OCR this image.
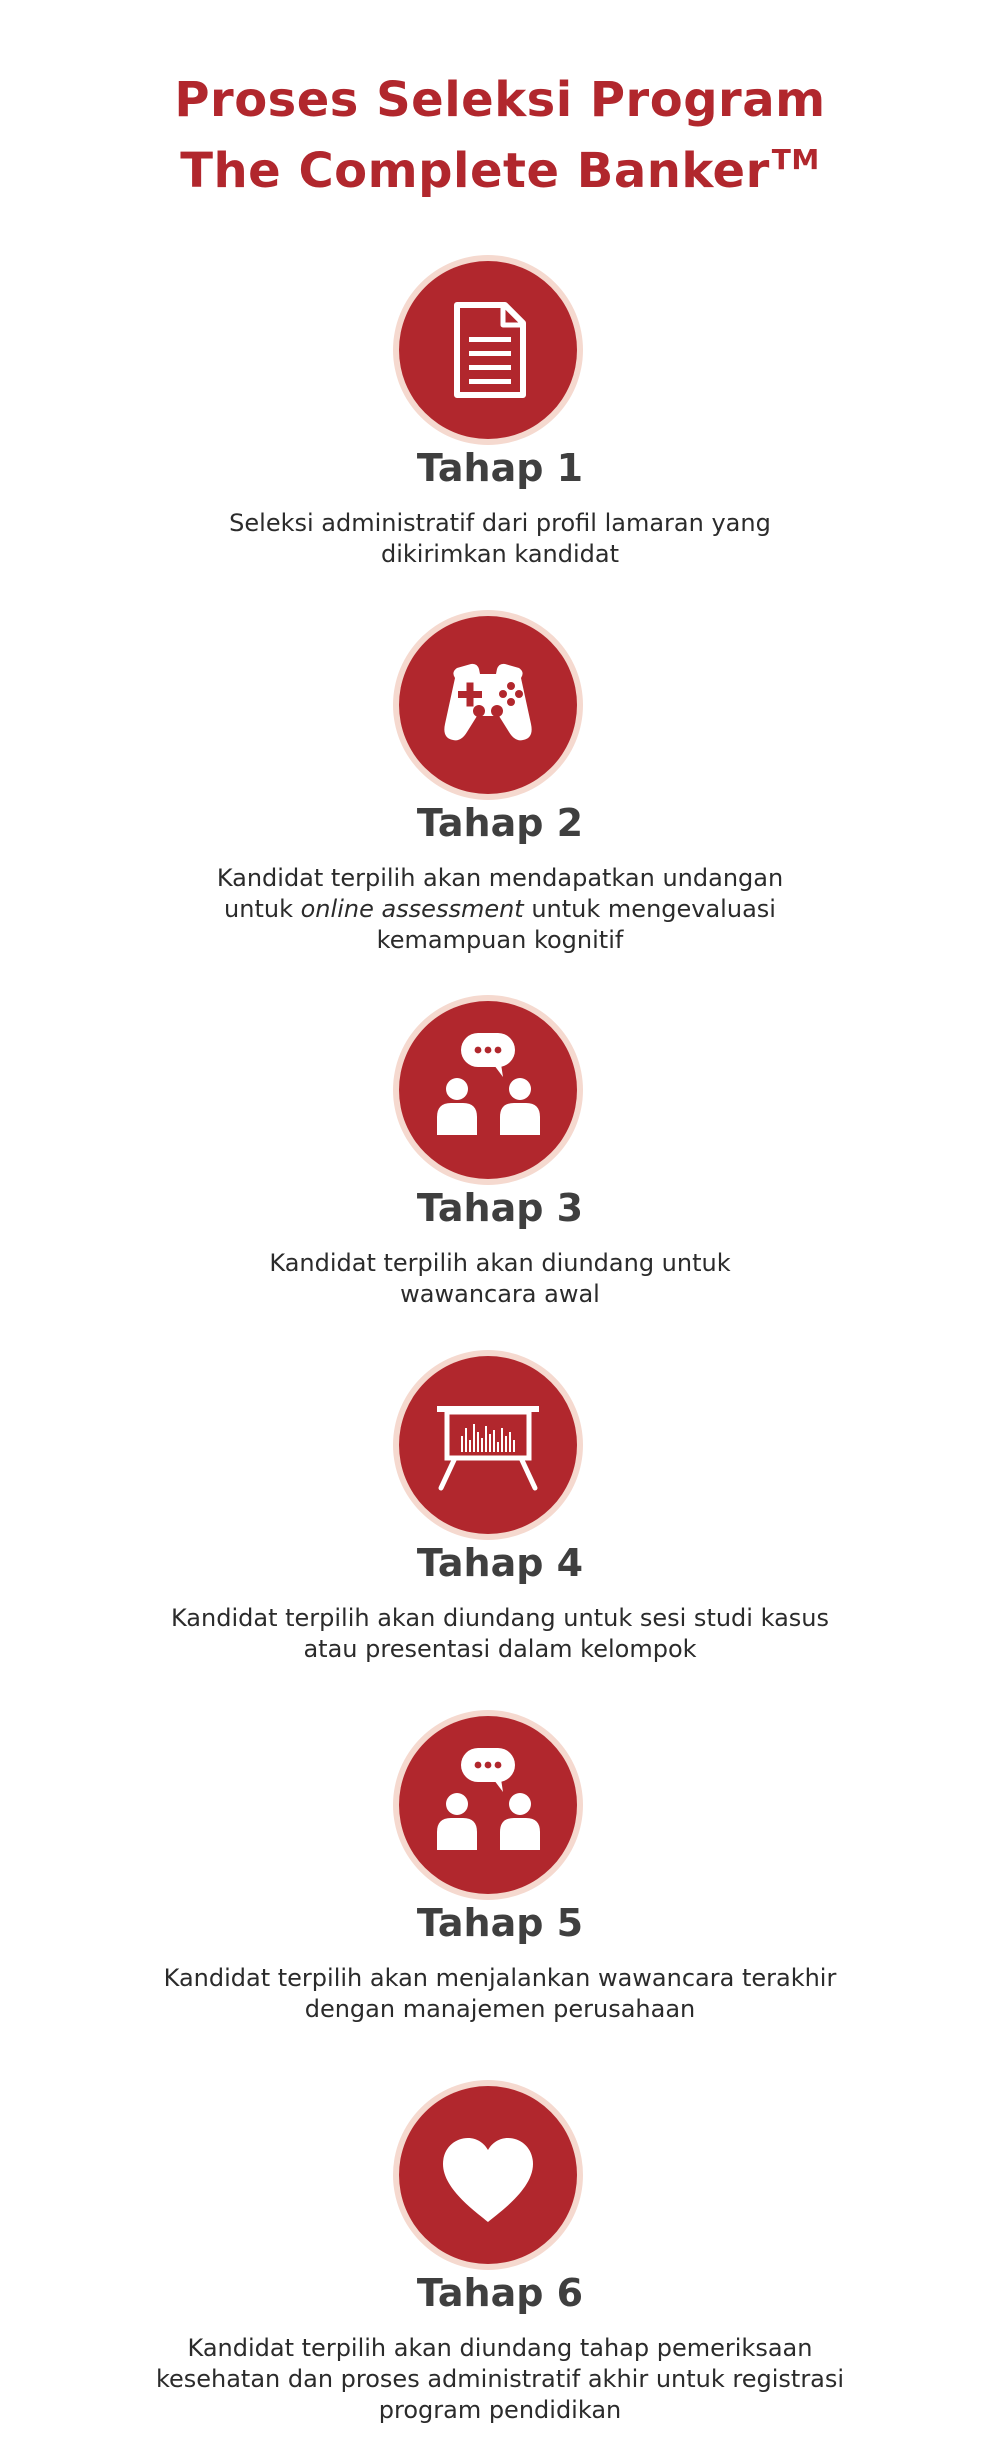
Proses Seleksi Program
The Complete Banker™
Tahap 1
Seleksi administratif dari profil lamaran yang
dikirimkan kandidat
Tahap 2
Kandidat terpilih akan mendapatkan undangan
untuk online assessment untuk mengevaluasi
kemampuan kognitif
Tahap 3
Kandidat terpilih akan diundang untuk
wawancara awal
Tahap 4
Kandidat terpilih akan diundang untuk sesi studi kasus
atau presentasi dalam kelompok
Tahap 5
Kandidat terpilih akan menjalankan wawancara terakhir
dengan manajemen perusahaan
Tahap 6
Kandidat terpilih akan diundang tahap pemeriksaan
kesehatan dan proses administratif akhir untuk registrasi
program pendidikan
